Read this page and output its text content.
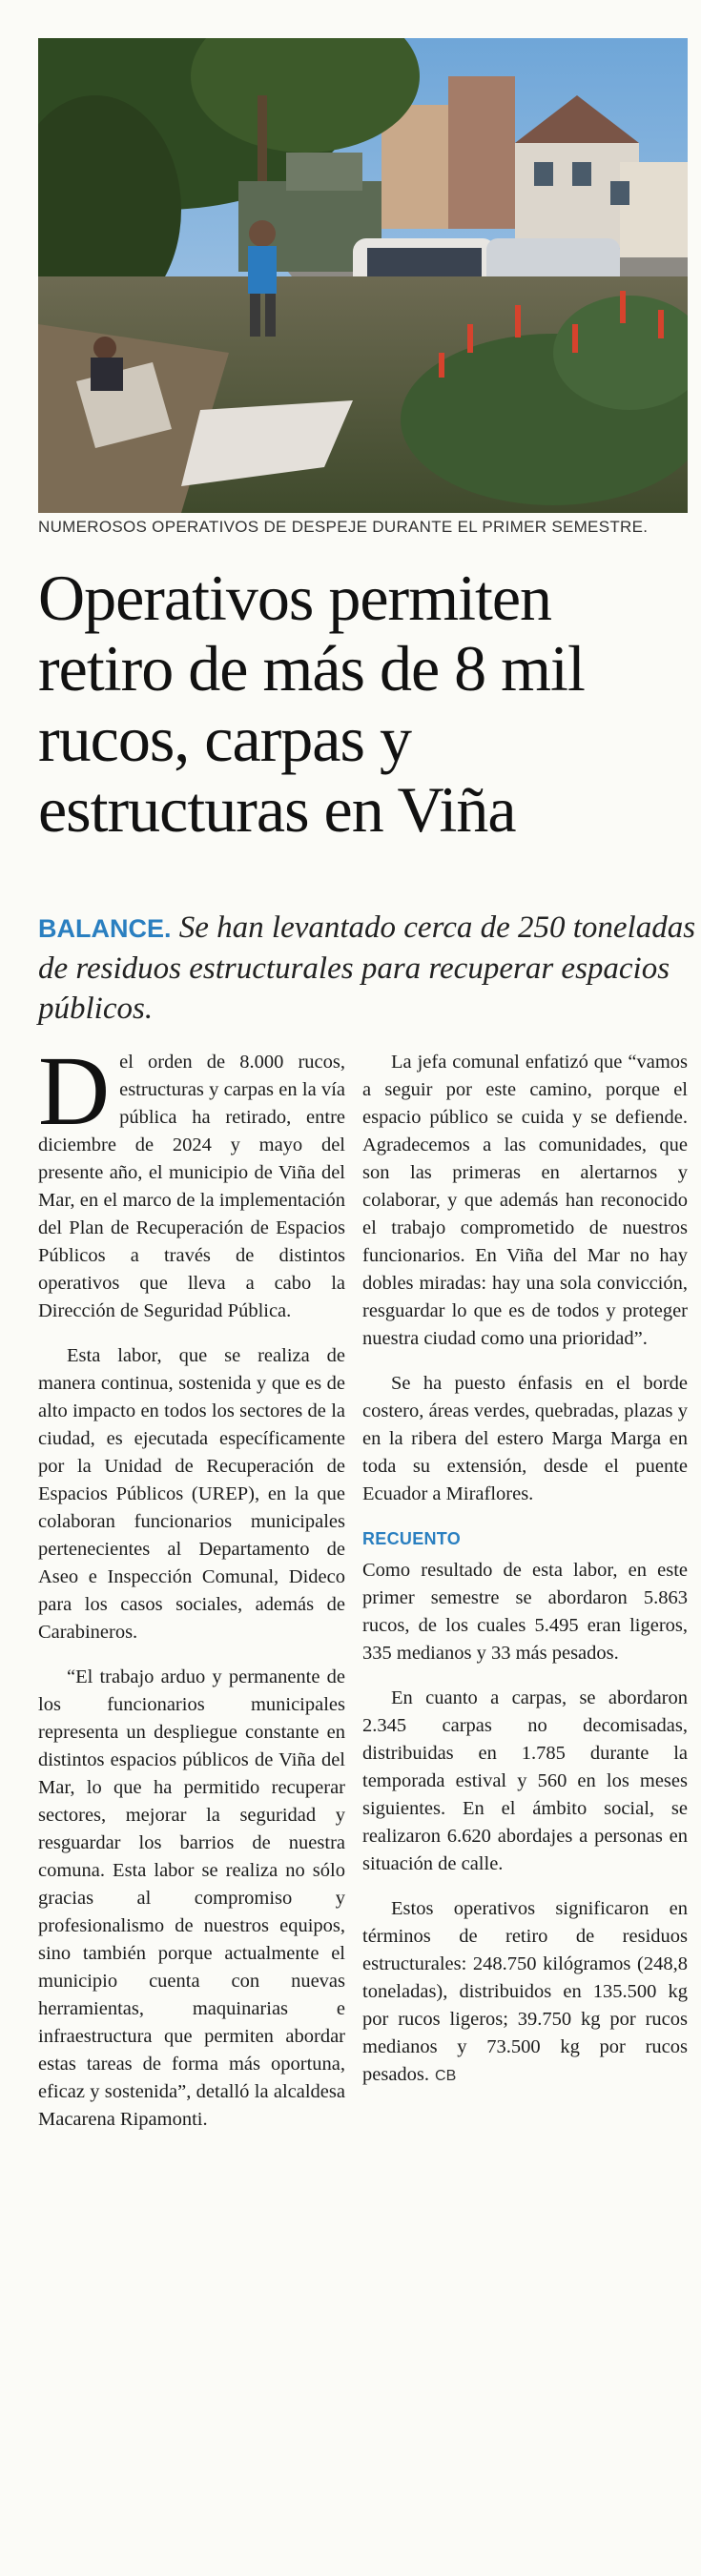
NUMEROSOS OPERATIVOS DE DESPEJE DURANTE EL PRIMER SEMESTRE.
Operativos permiten retiro de más de 8 mil rucos, carpas y estructuras en Viña
BALANCE. Se han levantado cerca de 250 toneladas de residuos estructurales para recuperar espacios públicos.

Del orden de 8.000 rucos, estructuras y carpas en la vía pública ha retirado, entre diciembre de 2024 y mayo del presente año, el municipio de Viña del Mar, en el marco de la implementación del Plan de Recuperación de Espacios Públicos a través de distintos operativos que lleva a cabo la Dirección de Seguridad Pública.

Esta labor, que se realiza de manera continua, sostenida y que es de alto impacto en todos los sectores de la ciudad, es ejecutada específicamente por la Unidad de Recuperación de Espacios Públicos (UREP), en la que colaboran funcionarios municipales pertenecientes al Departamento de Aseo e Inspección Comunal, Dideco para los casos sociales, además de Carabineros.

“El trabajo arduo y permanente de los funcionarios municipales representa un despliegue constante en distintos espacios públicos de Viña del Mar, lo que ha permitido recuperar sectores, mejorar la seguridad y resguardar los barrios de nuestra comuna. Esta labor se realiza no sólo gracias al compromiso y profesionalismo de nuestros equipos, sino también porque actualmente el municipio cuenta con nuevas herramientas, maquinarias e infraestructura que permiten abordar estas tareas de forma más oportuna, eficaz y sostenida”, detalló la alcaldesa Macarena Ripamonti.

La jefa comunal enfatizó que “vamos a seguir por este camino, porque el espacio público se cuida y se defiende. Agradecemos a las comunidades, que son las primeras en alertarnos y colaborar, y que además han reconocido el trabajo comprometido de nuestros funcionarios. En Viña del Mar no hay dobles miradas: hay una sola convicción, resguardar lo que es de todos y proteger nuestra ciudad como una prioridad”.

Se ha puesto énfasis en el borde costero, áreas verdes, quebradas, plazas y en la ribera del estero Marga Marga en toda su extensión, desde el puente Ecuador a Miraflores.

RECUENTO

Como resultado de esta labor, en este primer semestre se abordaron 5.863 rucos, de los cuales 5.495 eran ligeros, 335 medianos y 33 más pesados.

En cuanto a carpas, se abordaron 2.345 carpas no decomisadas, distribuidas en 1.785 durante la temporada estival y 560 en los meses siguientes. En el ámbito social, se realizaron 6.620 abordajes a personas en situación de calle.

Estos operativos significaron en términos de retiro de residuos estructurales: 248.750 kilógramos (248,8 toneladas), distribuidos en 135.500 kg por rucos ligeros; 39.750 kg por rucos medianos y 73.500 kg por rucos pesados. CB
